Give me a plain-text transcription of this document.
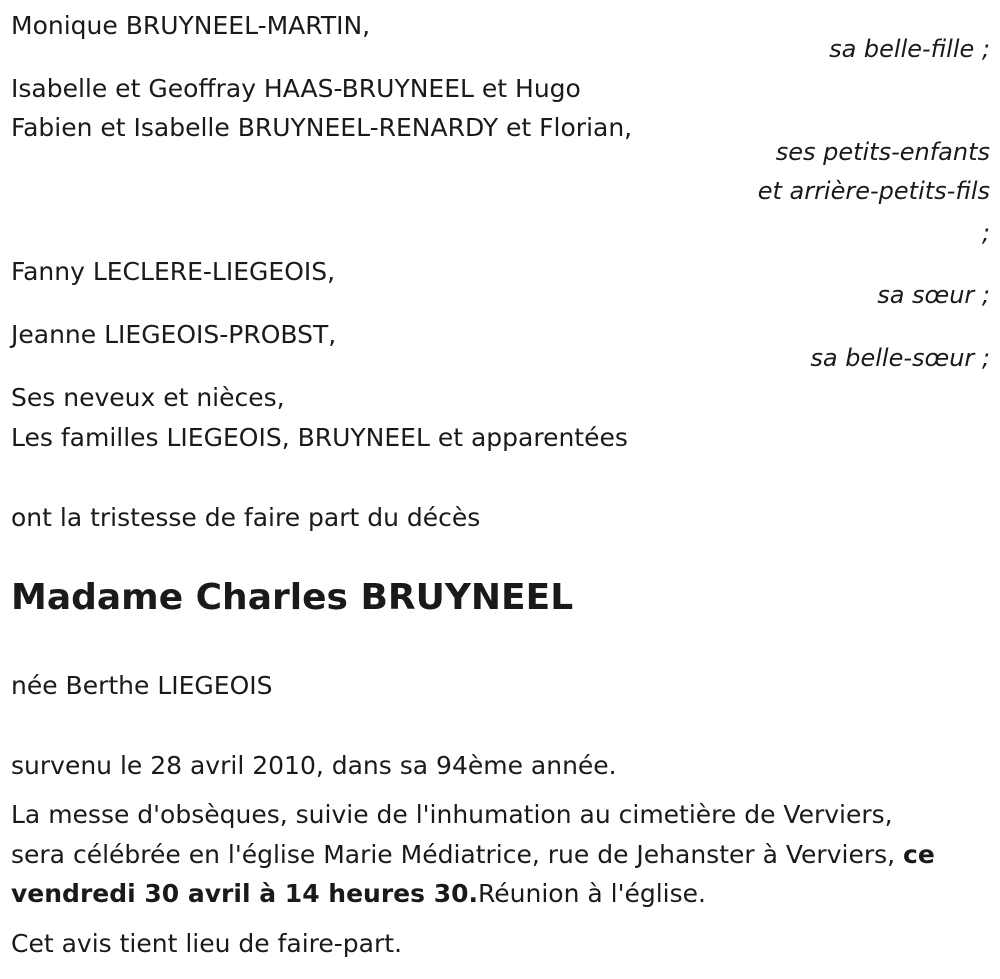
Monique BRUYNEEL-MARTIN,
sa belle-fille ;
Isabelle et Geoffray HAAS-BRUYNEEL et Hugo
Fabien et Isabelle BRUYNEEL-RENARDY et Florian,
ses petits-enfants
et arrière-petits-fils
;
Fanny LECLERE-LIEGEOIS,
sa sœur ;
Jeanne LIEGEOIS-PROBST,
sa belle-sœur ;
Ses neveux et nièces,
Les familles LIEGEOIS, BRUYNEEL et apparentées
ont la tristesse de faire part du décès
Madame Charles BRUYNEEL
née Berthe LIEGEOIS
survenu le 28 avril 2010, dans sa 94ème année.
La messe d'obsèques, suivie de l'inhumation au cimetière de Verviers,
sera célébrée en l'église Marie Médiatrice, rue de Jehanster à Verviers, ce
vendredi 30 avril à 14 heures 30.Réunion à l'église.
Cet avis tient lieu de faire-part.
